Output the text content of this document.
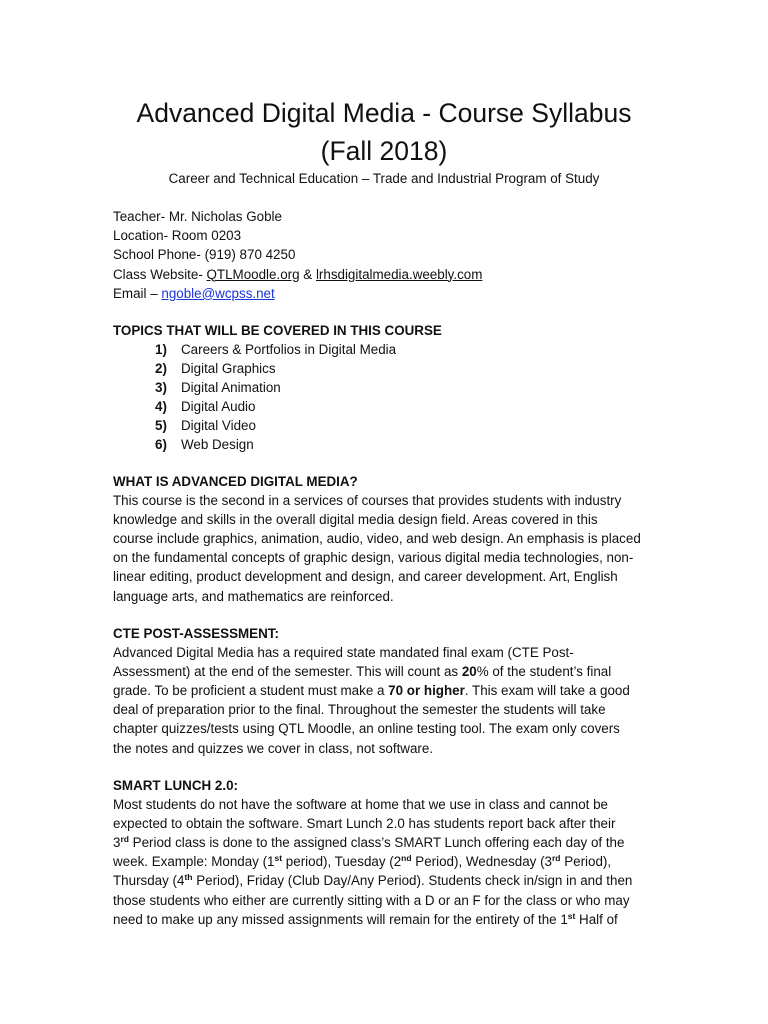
Advanced Digital Media - Course Syllabus
(Fall 2018)
Career and Technical Education – Trade and Industrial Program of Study
Teacher- Mr. Nicholas Goble
Location- Room 0203
School Phone- (919) 870 4250
Class Website- QTLMoodle.org & lrhsdigitalmedia.weebly.com
Email – ngoble@wcpss.net
TOPICS THAT WILL BE COVERED IN THIS COURSE
1) Careers & Portfolios in Digital Media
2) Digital Graphics
3) Digital Animation
4) Digital Audio
5) Digital Video
6) Web Design
WHAT IS ADVANCED DIGITAL MEDIA?
This course is the second in a services of courses that provides students with industry
knowledge and skills in the overall digital media design field. Areas covered in this
course include graphics, animation, audio, video, and web design. An emphasis is placed
on the fundamental concepts of graphic design, various digital media technologies, non-
linear editing, product development and design, and career development. Art, English
language arts, and mathematics are reinforced.
CTE POST-ASSESSMENT:
Advanced Digital Media has a required state mandated final exam (CTE Post-
Assessment) at the end of the semester. This will count as 20% of the student’s final
grade. To be proficient a student must make a 70 or higher. This exam will take a good
deal of preparation prior to the final. Throughout the semester the students will take
chapter quizzes/tests using QTL Moodle, an online testing tool. The exam only covers
the notes and quizzes we cover in class, not software.
SMART LUNCH 2.0:
Most students do not have the software at home that we use in class and cannot be
expected to obtain the software. Smart Lunch 2.0 has students report back after their
3rd Period class is done to the assigned class’s SMART Lunch offering each day of the
week. Example: Monday (1st period), Tuesday (2nd Period), Wednesday (3rd Period),
Thursday (4th Period), Friday (Club Day/Any Period). Students check in/sign in and then
those students who either are currently sitting with a D or an F for the class or who may
need to make up any missed assignments will remain for the entirety of the 1st Half of
